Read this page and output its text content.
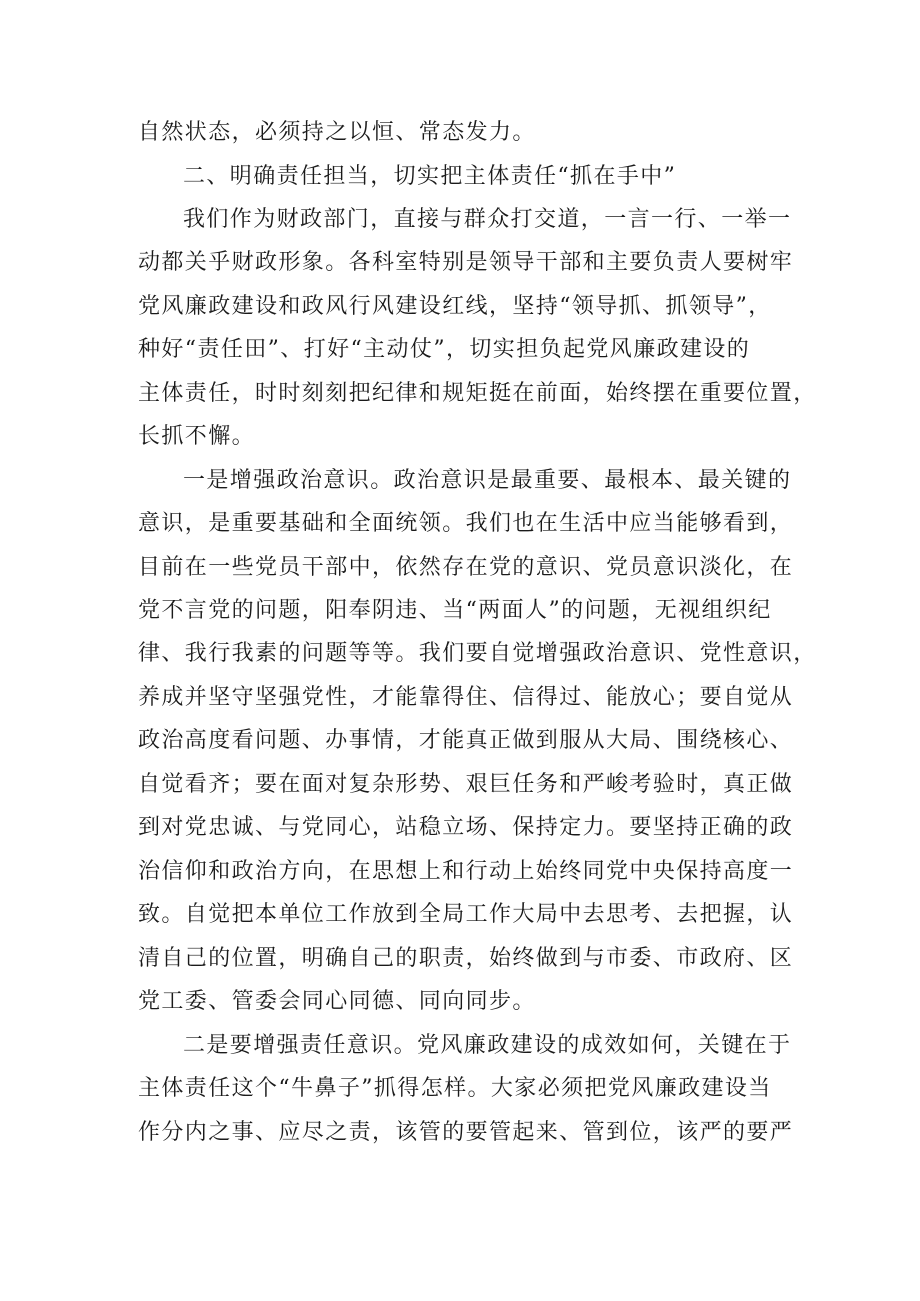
自然状态，必须持之以恒、常态发力。
二、明确责任担当，切实把主体责任“抓在手中”
我们作为财政部门，直接与群众打交道，一言一行、一举一
动都关乎财政形象。各科室特别是领导干部和主要负责人要树牢
党风廉政建设和政风行风建设红线，坚持“领导抓、抓领导”，
种好“责任田”、打好“主动仗”，切实担负起党风廉政建设的
主体责任，时时刻刻把纪律和规矩挺在前面，始终摆在重要位置，
长抓不懈。
一是增强政治意识。政治意识是最重要、最根本、最关键的
意识，是重要基础和全面统领。我们也在生活中应当能够看到，
目前在一些党员干部中，依然存在党的意识、党员意识淡化，在
党不言党的问题，阳奉阴违、当“两面人”的问题，无视组织纪
律、我行我素的问题等等。我们要自觉增强政治意识、党性意识，
养成并坚守坚强党性，才能靠得住、信得过、能放心；要自觉从
政治高度看问题、办事情，才能真正做到服从大局、围绕核心、
自觉看齐；要在面对复杂形势、艰巨任务和严峻考验时，真正做
到对党忠诚、与党同心，站稳立场、保持定力。要坚持正确的政
治信仰和政治方向，在思想上和行动上始终同党中央保持高度一
致。自觉把本单位工作放到全局工作大局中去思考、去把握，认
清自己的位置，明确自己的职责，始终做到与市委、市政府、区
党工委、管委会同心同德、同向同步。
二是要增强责任意识。党风廉政建设的成效如何，关键在于
主体责任这个“牛鼻子”抓得怎样。大家必须把党风廉政建设当
作分内之事、应尽之责，该管的要管起来、管到位，该严的要严
